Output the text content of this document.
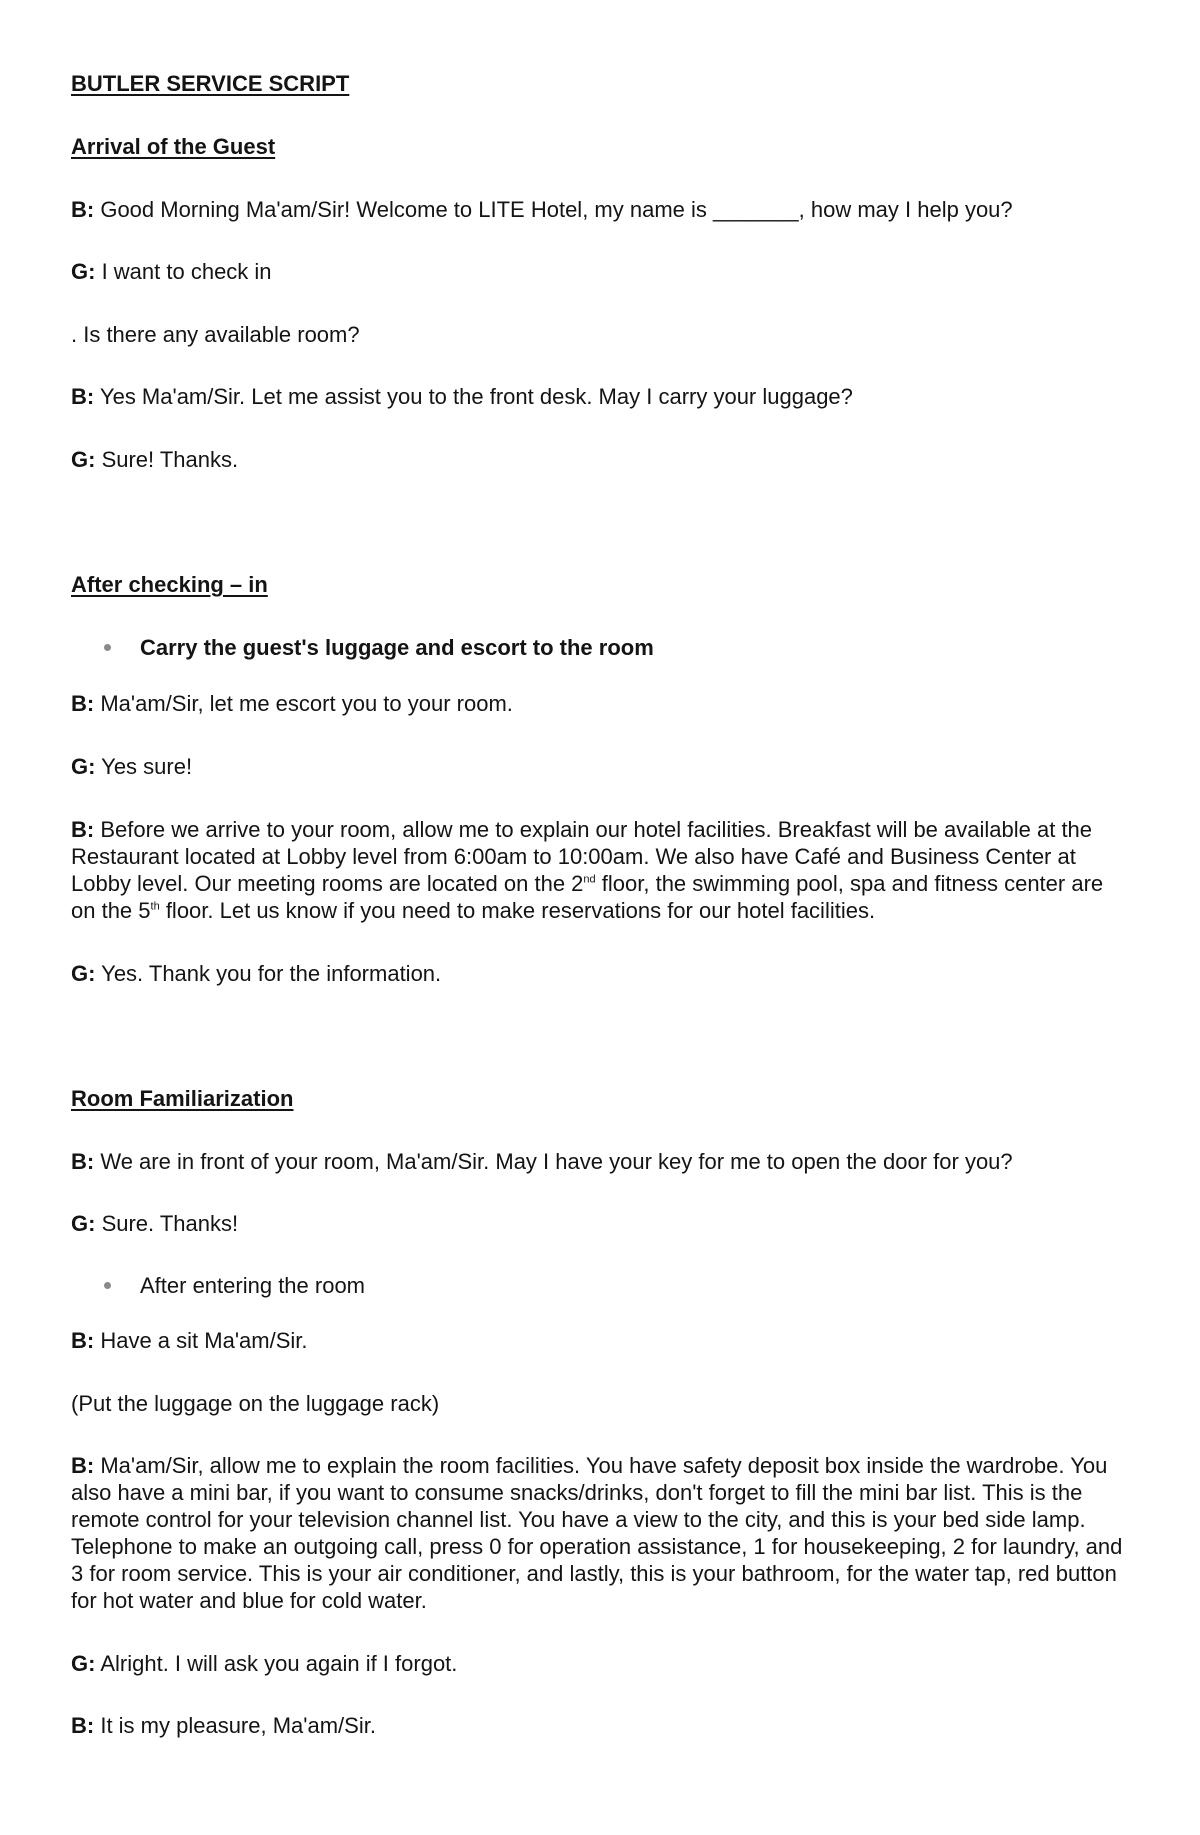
BUTLER SERVICE SCRIPT
Arrival of the Guest
B: Good Morning Ma'am/Sir! Welcome to LITE Hotel, my name is _______, how may I help you?
G: I want to check in
. Is there any available room?
B: Yes Ma'am/Sir. Let me assist you to the front desk. May I carry your luggage?
G: Sure! Thanks.
After checking – in
Carry the guest's luggage and escort to the room
B: Ma'am/Sir, let me escort you to your room.
G: Yes sure!
B: Before we arrive to your room, allow me to explain our hotel facilities. Breakfast will be available at the Restaurant located at Lobby level from 6:00am to 10:00am. We also have Café and Business Center at Lobby level. Our meeting rooms are located on the 2nd floor, the swimming pool, spa and fitness center are on the 5th floor. Let us know if you need to make reservations for our hotel facilities.
G: Yes. Thank you for the information.
Room Familiarization
B: We are in front of your room, Ma'am/Sir. May I have your key for me to open the door for you?
G: Sure. Thanks!
After entering the room
B: Have a sit Ma'am/Sir.
(Put the luggage on the luggage rack)
B: Ma'am/Sir, allow me to explain the room facilities. You have safety deposit box inside the wardrobe. You also have a mini bar, if you want to consume snacks/drinks, don't forget to fill the mini bar list. This is the remote control for your television channel list. You have a view to the city, and this is your bed side lamp. Telephone to make an outgoing call, press 0 for operation assistance, 1 for housekeeping, 2 for laundry, and 3 for room service. This is your air conditioner, and lastly, this is your bathroom, for the water tap, red button for hot water and blue for cold water.
G: Alright. I will ask you again if I forgot.
B: It is my pleasure, Ma'am/Sir.
